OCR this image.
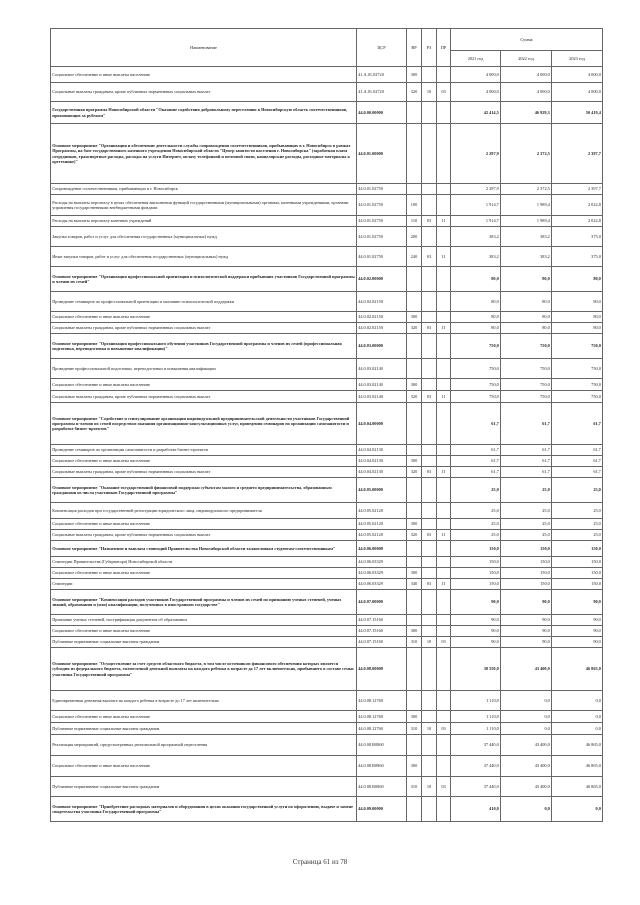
Наименование	ЦСР	ВР	РЗ	ПР	Сумма		
					2021 год	2022 год	2023 год
Социальное обеспечение и иные выплаты населению	41.А.01.02720	300			4 000,0	4 000,0	4 000,0
Социальные выплаты гражданам, кроме публичных нормативных социальных выплат	41.А.01.02720	320	10	03	4 000,0	4 000,0	4 000,0
Государственная программа Новосибирской области "Оказание содействия добровольному переселению в Новосибирскую область соотечественников, проживающих за рубежом"	44.0.00.00000				42 414,5	46 929,3	50 419,4
Основное мероприятие "Организация и обеспечение деятельности службы сопровождения соотечественников, прибывающих в г. Новосибирск в рамках Программы, на базе государственного казенного учреждения Новосибирской области "Центр занятости населения г. Новосибирска" (заработная плата сотрудников, транспортные расходы, расходы на услуги Интернет, оплату телефонной и почтовой связи, канцелярские расходы, расходные материалы к оргтехнике)"	44.0.01.00000				2 297,9	2 372,5	2 397,7
Сопровождение соотечественников, прибывающих в г. Новосибирск	44.0.01.02750				2 297,9	2 372,5	2 397,7
Расходы на выплаты персоналу в целях обеспечения выполнения функций государственными (муниципальными) органами, казенными учреждениями, органами управления государственными внебюджетными фондами	44.0.01.02750	100			1 914,7	1 989,4	2 022,8
Расходы на выплаты персоналу казенных учреждений	44.0.01.02750	110	03	11	1 914,7	1 989,4	2 022,8
Закупка товаров, работ и услуг для обеспечения государственных (муниципальных) нужд	44.0.01.02750	200			383,2	383,2	375,0
Иные закупки товаров, работ и услуг для обеспечения государственных (муниципальных) нужд	44.0.01.02750	240	03	11	383,2	383,2	375,0
Основное мероприятие "Организация профессиональной ориентации и психологической поддержки прибывших участников Государственной программы и членов их семей"	44.0.02.00000				80,0	80,0	80,0
Проведение семинаров по профессиональной ориентации и оказанию психологической поддержки	44.0.02.02150				80,0	80,0	80,0
Социальное обеспечение и иные выплаты населению	44.0.02.02150	300			80,0	80,0	80,0
Социальные выплаты гражданам, кроме публичных нормативных социальных выплат	44.0.02.02150	320	03	11	80,0	80,0	80,0
Основное мероприятие "Организация профессионального обучения участников Государственной программы и членов их семей (профессиональная подготовка, переподготовка и повышение квалификации)"	44.0.03.00000				750,0	750,0	750,0
Проведение профессиональной подготовки, переподготовки и повышения квалификации	44.0.03.02140				750,0	750,0	750,0
Социальное обеспечение и иные выплаты населению	44.0.03.02140	300			750,0	750,0	750,0
Социальные выплаты гражданам, кроме публичных нормативных социальных выплат	44.0.03.02140	320	03	11	750,0	750,0	750,0
Основное мероприятие "Содействие и стимулирование организации индивидуальной предпринимательской деятельности участников Государственной программы и членов их семей посредством оказания организационно-консультационных услуг, проведения семинаров по организации самозанятости и разработке бизнес-проектов"	44.0.04.00000				61,7	61,7	61,7
Проведение семинаров по организации самозанятости и разработке бизнес-проектов	44.0.04.02130				61,7	61,7	61,7
Социальное обеспечение и иные выплаты населению	44.0.04.02130	300			61,7	61,7	61,7
Социальные выплаты гражданам, кроме публичных нормативных социальных выплат	44.0.04.02130	320	03	11	61,7	61,7	61,7
Основное мероприятие "Оказание государственной финансовой поддержки субъектам малого и среднего предпринимательства, образованным гражданами из числа участников Государственной программы"	44.0.05.00000				25,0	25,0	25,0
Компенсация расходов при государственной регистрации юридического лица, индивидуального предпринимателя	44.0.05.02120				25,0	25,0	25,0
Социальное обеспечение и иные выплаты населению	44.0.05.02120	300			25,0	25,0	25,0
Социальные выплаты гражданам, кроме публичных нормативных социальных выплат	44.0.05.02120	320	03	11	25,0	25,0	25,0
Основное мероприятие "Назначение и выплата стипендий Правительства Новосибирской области талантливым студентам-соотечественникам"	44.0.06.00000				150,0	150,0	150,0
Стипендии Правительства (Губернатора) Новосибирской области	44.0.06.03329				150,0	150,0	150,0
Социальное обеспечение и иные выплаты населению	44.0.06.03329	300			150,0	150,0	150,0
Стипендии	44.0.06.03329	340	03	11	150,0	150,0	150,0
Основное мероприятие "Компенсация расходов участников Государственной программы и членов их семей по признанию ученых степеней, ученых званий, образования и (или) квалификации, полученных в иностранном государстве"	44.0.07.00000				90,0	90,0	90,0
Признание ученых степеней, нострификация документов об образовании	44.0.07.15160				90,0	90,0	90,0
Социальное обеспечение и иные выплаты населению	44.0.07.15160	300			90,0	90,0	90,0
Публичные нормативные социальные выплаты гражданам	44.0.07.15160	310	10	03	90,0	90,0	90,0
Основное мероприятие "Осуществление за счет средств областного бюджета, в том числе источником финансового обеспечения которых является субсидия из федерального бюджета, ежемесячной денежной выплаты на каждого ребенка в возрасте до 17 лет включительно, прибывшего в составе семьи участника Государственной программы"	44.0.08.00000				38 550,0	43 400,0	46 865,0
Единовременная денежная выплата на каждого ребенка в возрасте до 17 лет включительно	44.0.08.12760				1 110,0	0,0	0,0
Социальное обеспечение и иные выплаты населению	44.0.08.12760	300			1 110,0	0,0	0,0
Публичные нормативные социальные выплаты гражданам	44.0.08.12760	310	10	03	1 110,0	0,0	0,0
Реализация мероприятий, предусмотренных региональной программой переселения	44.0.08.R0860				37 440,0	43 400,0	46 865,0
Социальное обеспечение и иные выплаты населению	44.0.08.R0860	300			37 440,0	43 400,0	46 865,0
Публичные нормативные социальные выплаты гражданам	44.0.08.R0860	310	10	03	37 440,0	43 400,0	46 865,0
Основное мероприятие "Приобретение расходных материалов и оборудования в целях оказания государственной услуги по оформлению, выдаче и замене свидетельства участника Государственной программы"	44.0.09.00000				410,0	0,0	0,0
Страница 61 из 78
